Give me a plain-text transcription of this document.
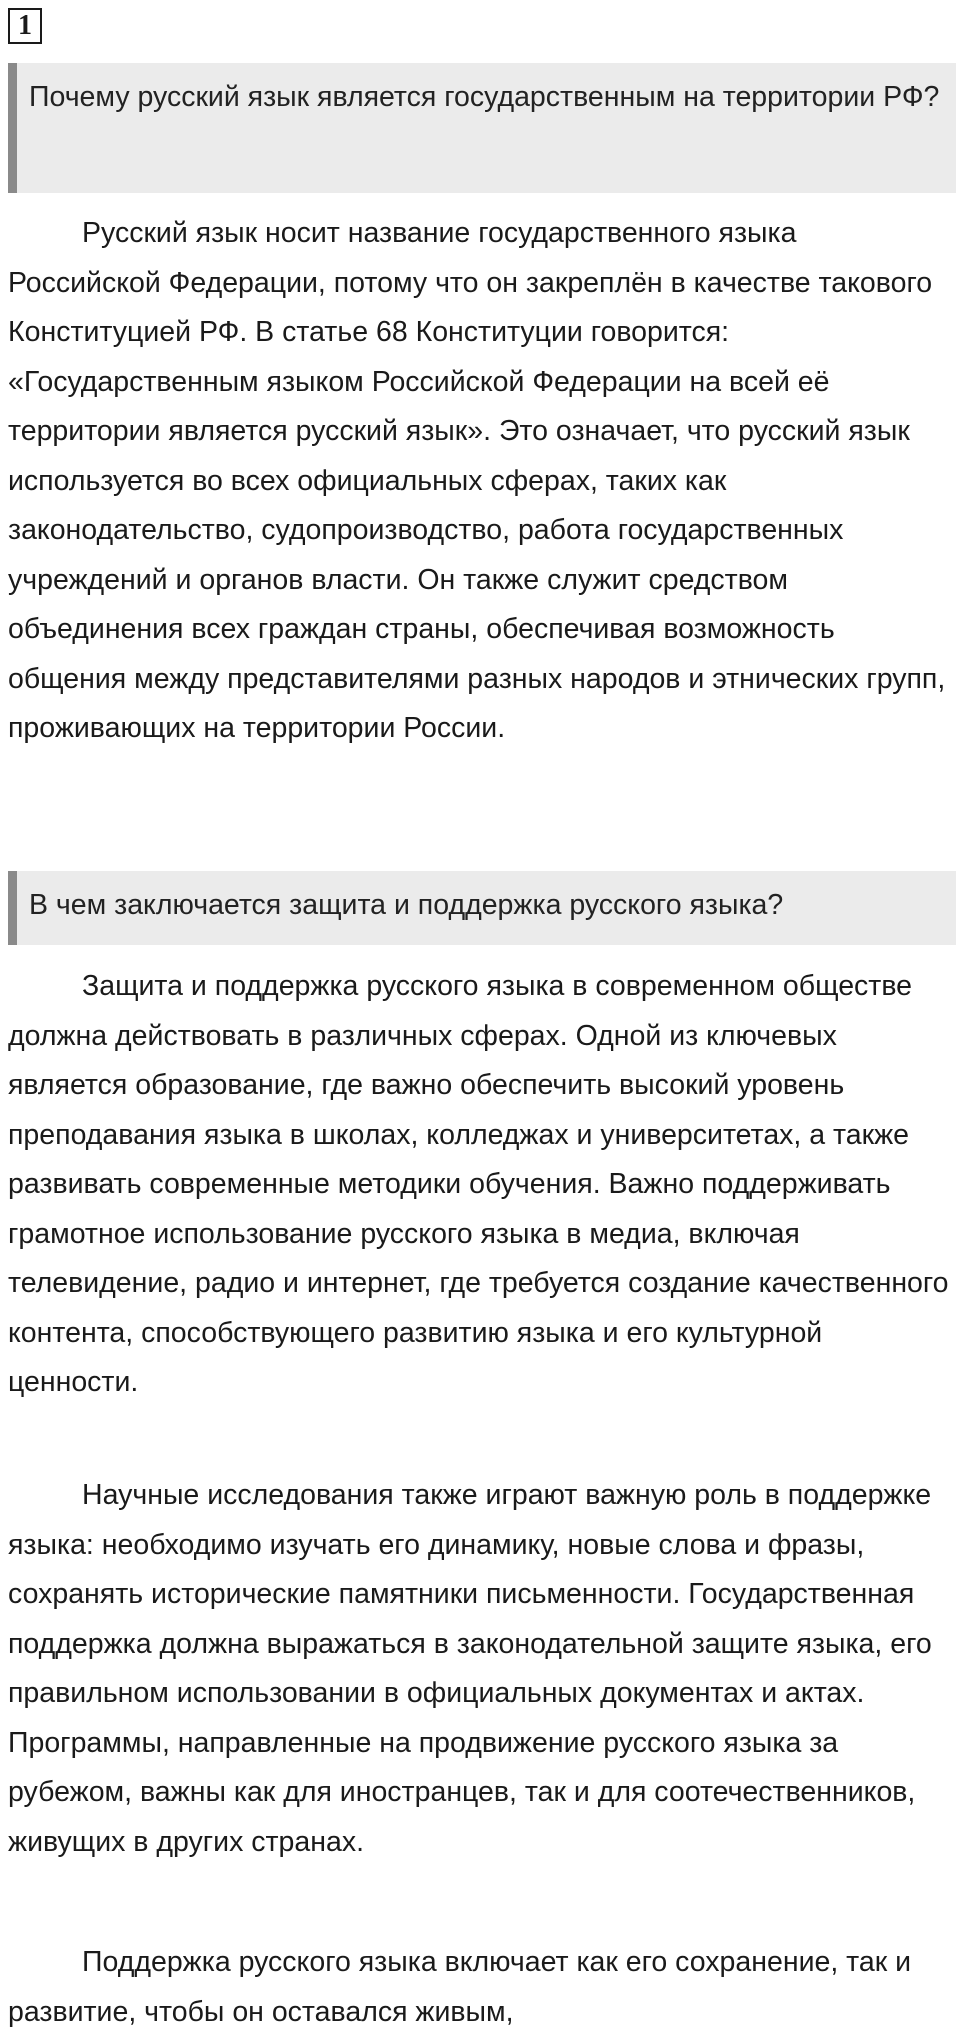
1
Почему русский язык является государственным на территории РФ?

Русский язык носит название государственного языка Российской Федерации, потому что он закреплён в качестве такового Конституцией РФ. В статье 68 Конституции говорится: «Государственным языком Российской Федерации на всей её территории является русский язык». Это означает, что русский язык используется во всех официальных сферах, таких как законодательство, судопроизводство, работа государственных учреждений и органов власти. Он также служит средством объединения всех граждан страны, обеспечивая возможность общения между представителями разных народов и этнических групп, проживающих на территории России.

В чем заключается защита и поддержка русского языка?

Защита и поддержка русского языка в современном обществе должна действовать в различных сферах. Одной из ключевых является образование, где важно обеспечить высокий уровень преподавания языка в школах, колледжах и университетах, а также развивать современные методики обучения. Важно поддерживать грамотное использование русского языка в медиа, включая телевидение, радио и интернет, где требуется создание качественного контента, способствующего развитию языка и его культурной ценности.

Научные исследования также играют важную роль в поддержке языка: необходимо изучать его динамику, новые слова и фразы, сохранять исторические памятники письменности. Государственная поддержка должна выражаться в законодательной защите языка, его правильном использовании в официальных документах и актах. Программы, направленные на продвижение русского языка за рубежом, важны как для иностранцев, так и для соотечественников, живущих в других странах.

Поддержка русского языка включает как его сохранение, так и развитие, чтобы он оставался живым,
